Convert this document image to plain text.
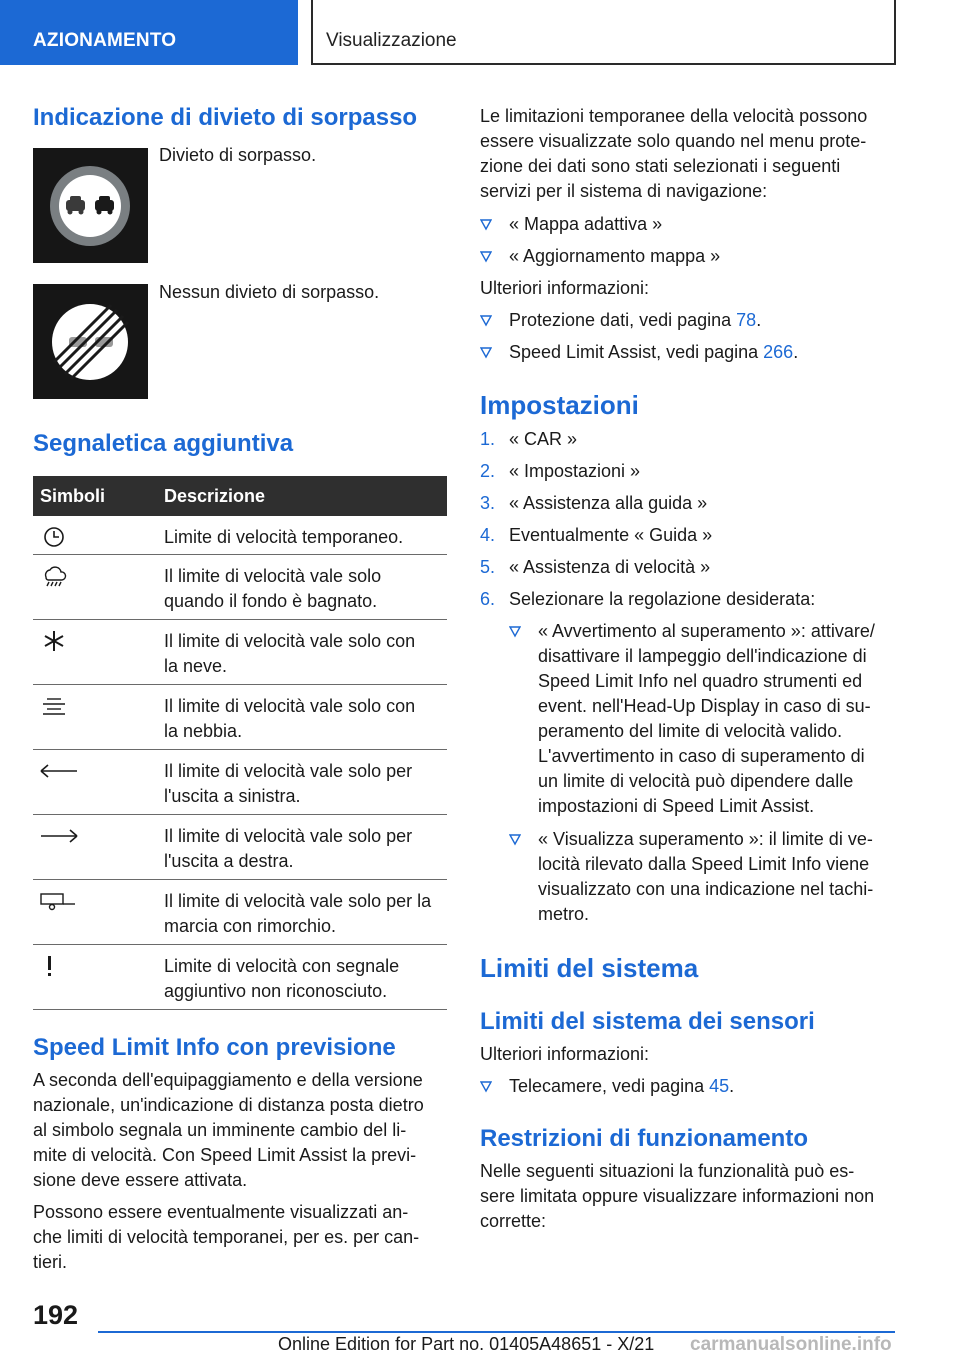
AZIONAMENTO	Visualizzazione
Indicazione di divieto di sorpasso
Divieto di sorpasso.
Nessun divieto di sorpasso.
Segnaletica aggiuntiva
Simboli	Descrizione
Limite di velocità temporaneo.
Il limite di velocità vale solo
quando il fondo è bagnato.
Il limite di velocità vale solo con
la neve.
Il limite di velocità vale solo con
la nebbia.
Il limite di velocità vale solo per
l'uscita a sinistra.
Il limite di velocità vale solo per
l'uscita a destra.
Il limite di velocità vale solo per la
marcia con rimorchio.
Limite di velocità con segnale
aggiuntivo non riconosciuto.
Speed Limit Info con previsione
A seconda dell'equipaggiamento e della versione
nazionale, un'indicazione di distanza posta dietro
al simbolo segnala un imminente cambio del li-
mite di velocità. Con Speed Limit Assist la previ-
sione deve essere attivata.
Possono essere eventualmente visualizzati an-
che limiti di velocità temporanei, per es. per can-
tieri.
Le limitazioni temporanee della velocità possono
essere visualizzate solo quando nel menu prote-
zione dei dati sono stati selezionati i seguenti
servizi per il sistema di navigazione:
« Mappa adattiva »
« Aggiornamento mappa »
Ulteriori informazioni:
Protezione dati, vedi pagina 78.
Speed Limit Assist, vedi pagina 266.
Impostazioni
1. « CAR »
2. « Impostazioni »
3. « Assistenza alla guida »
4. Eventualmente « Guida »
5. « Assistenza di velocità »
6. Selezionare la regolazione desiderata:
« Avvertimento al superamento »: attivare/
disattivare il lampeggio dell'indicazione di
Speed Limit Info nel quadro strumenti ed
event. nell'Head-Up Display in caso di su-
peramento del limite di velocità valido.
L'avvertimento in caso di superamento di
un limite di velocità può dipendere dalle
impostazioni di Speed Limit Assist.
« Visualizza superamento »: il limite di ve-
locità rilevato dalla Speed Limit Info viene
visualizzato con una indicazione nel tachi-
metro.
Limiti del sistema
Limiti del sistema dei sensori
Ulteriori informazioni:
Telecamere, vedi pagina 45.
Restrizioni di funzionamento
Nelle seguenti situazioni la funzionalità può es-
sere limitata oppure visualizzare informazioni non
corrette:
192
Online Edition for Part no. 01405A48651 - X/21 carmanualsonline.info
